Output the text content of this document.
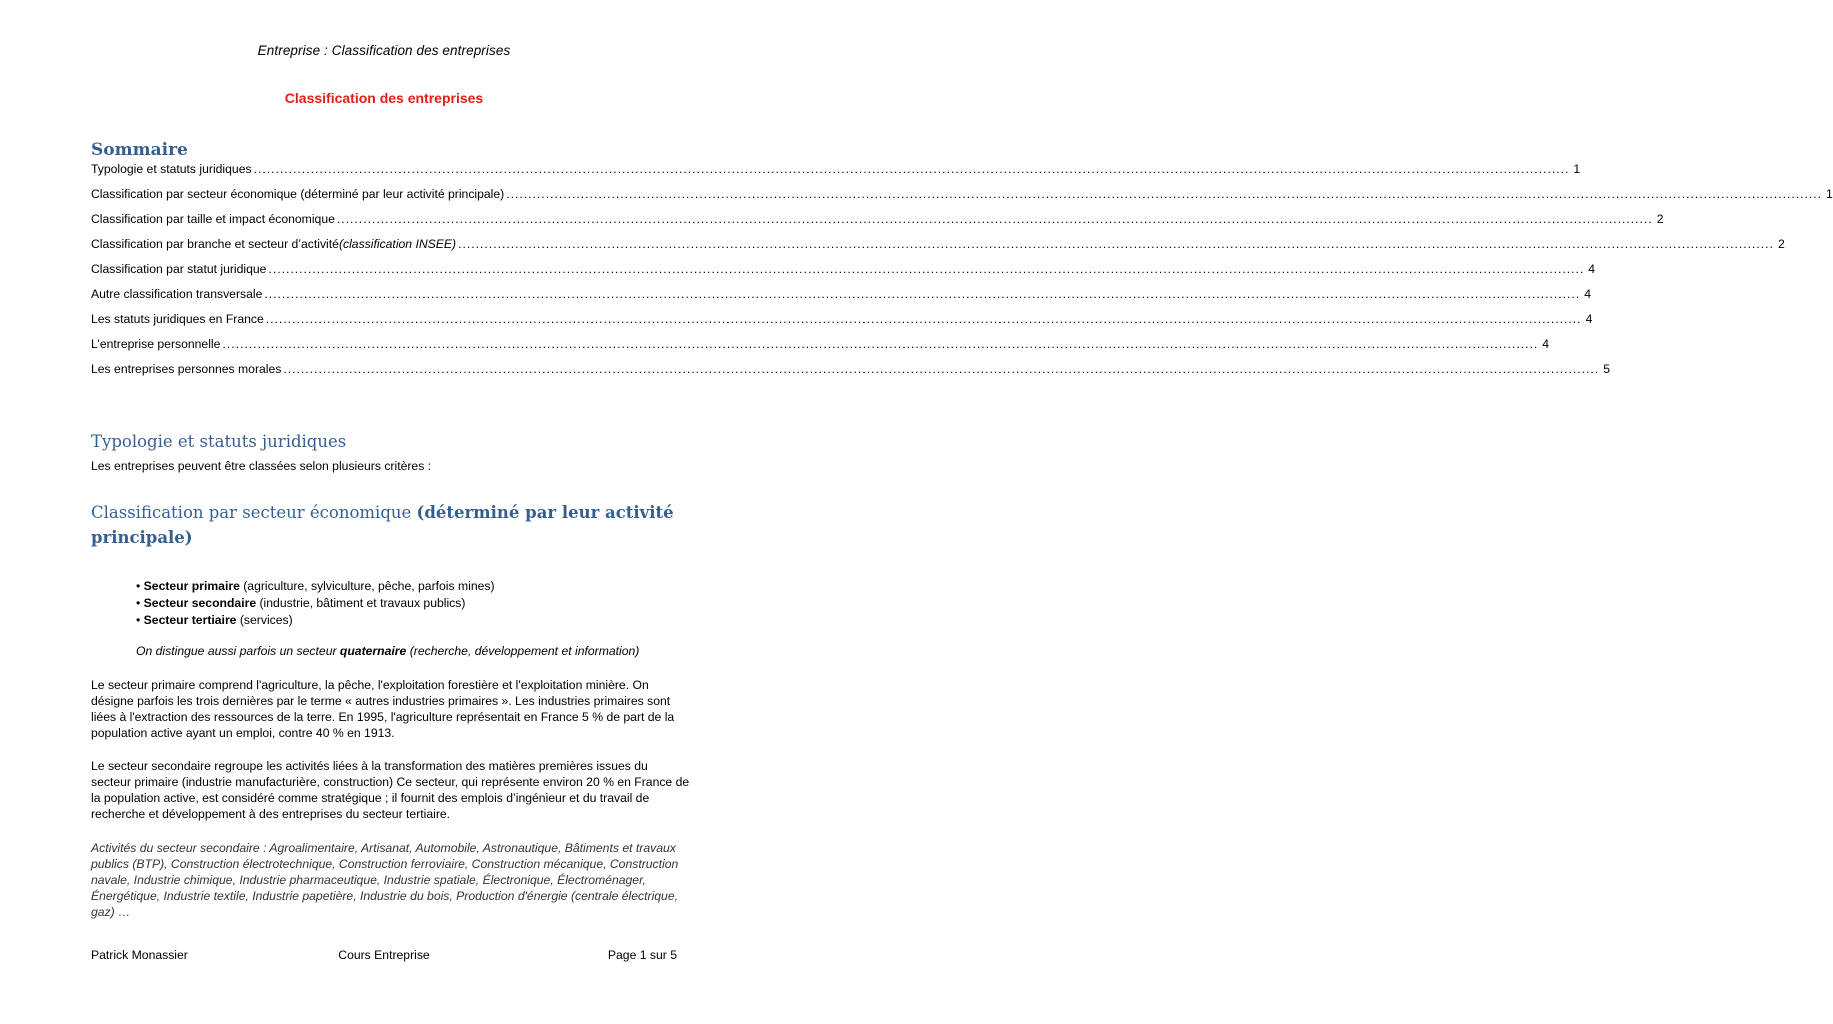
Entreprise : Classification des entreprises
Classification des entreprises
Sommaire
Typologie et statuts juridiques ............................................................................................................................................................................................................................................................................................................ 1
Classification par secteur économique (déterminé par leur activité principale) ............................................................................................................................................................................................................................................................................................................ 1
Classification par taille et impact économique ............................................................................................................................................................................................................................................................................................................ 2
Classification par branche et secteur d’activité (classification INSEE) ............................................................................................................................................................................................................................................................................................................ 2
Classification par statut juridique ............................................................................................................................................................................................................................................................................................................ 4
Autre classification transversale ............................................................................................................................................................................................................................................................................................................ 4
Les statuts juridiques en France ............................................................................................................................................................................................................................................................................................................ 4
L’entreprise personnelle ............................................................................................................................................................................................................................................................................................................ 4
Les entreprises personnes morales ............................................................................................................................................................................................................................................................................................................ 5
Typologie et statuts juridiques
Les entreprises peuvent être classées selon plusieurs critères :
Classification par secteur économique (déterminé par leur activité principale)
• Secteur primaire (agriculture, sylviculture, pêche, parfois mines)
• Secteur secondaire (industrie, bâtiment et travaux publics)
• Secteur tertiaire (services)
On distingue aussi parfois un secteur quaternaire (recherche, développement et information)
Le secteur primaire comprend l'agriculture, la pêche, l'exploitation forestière et l'exploitation minière. On désigne parfois les trois dernières par le terme « autres industries primaires ». Les industries primaires sont liées à l'extraction des ressources de la terre. En 1995, l'agriculture représentait en France 5 % de part de la population active ayant un emploi, contre 40 % en 1913.
Le secteur secondaire regroupe les activités liées à la transformation des matières premières issues du secteur primaire (industrie manufacturière, construction) Ce secteur, qui représente environ 20 % en France de la population active, est considéré comme stratégique ; il fournit des emplois d’ingénieur et du travail de recherche et développement à des entreprises du secteur tertiaire.
Activités du secteur secondaire : Agroalimentaire, Artisanat, Automobile, Astronautique, Bâtiments et travaux publics (BTP), Construction électrotechnique, Construction ferroviaire, Construction mécanique, Construction navale, Industrie chimique, Industrie pharmaceutique, Industrie spatiale, Électronique, Électroménager, Énergétique, Industrie textile, Industrie papetière, Industrie du bois, Production d'énergie (centrale électrique, gaz) …
Patrick Monassier	Cours Entreprise	Page 1 sur 5
